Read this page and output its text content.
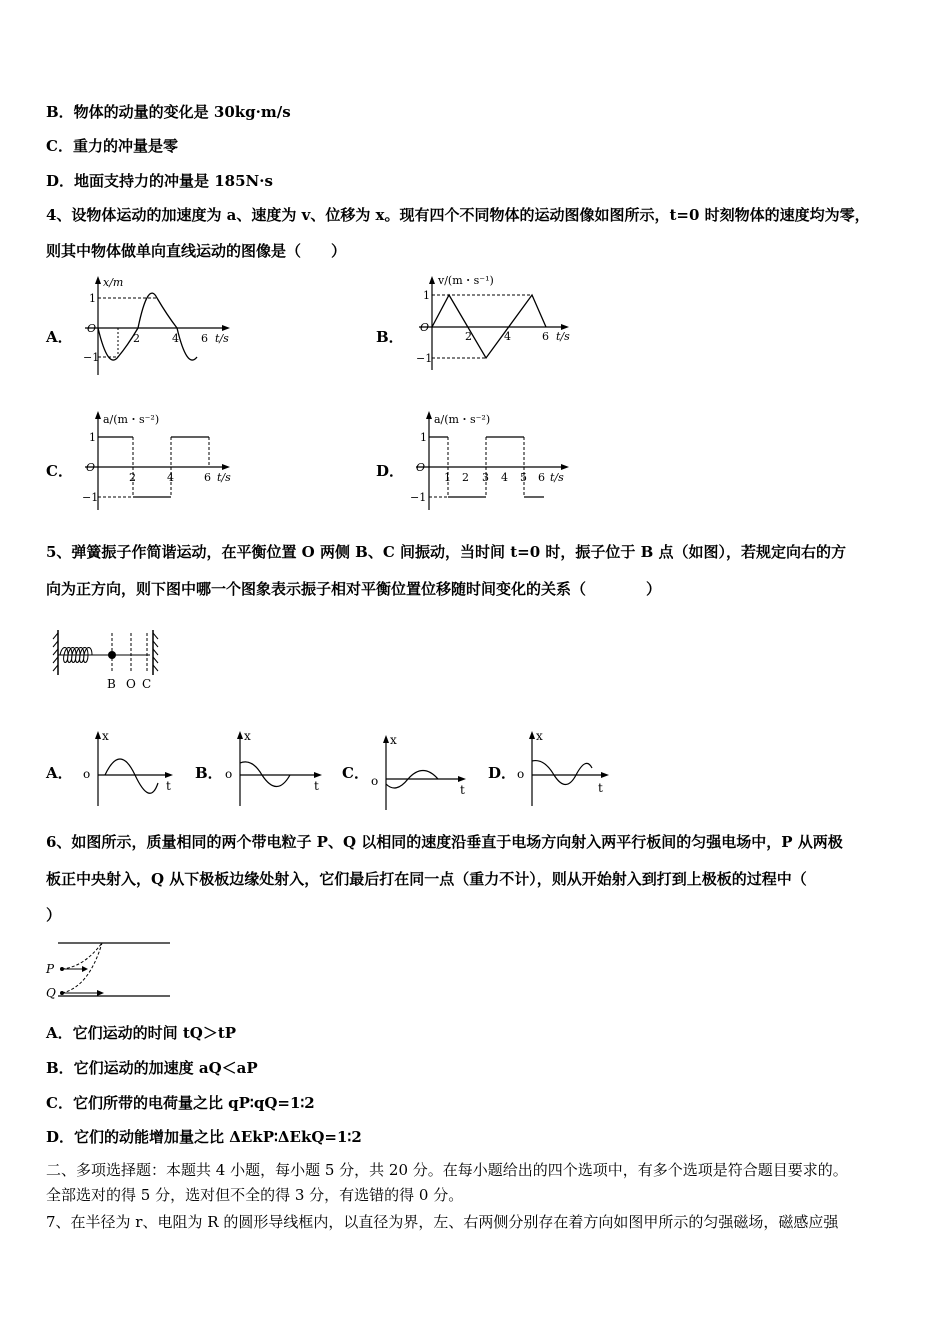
B．物体的动量的变化是 30kg·m/s
C．重力的冲量是零
D．地面支持力的冲量是 185N·s
4、设物体运动的加速度为 a、速度为 v、位移为 x。现有四个不同物体的运动图像如图所示，t=0 时刻物体的速度均为零，
则其中物体做单向直线运动的图像是（　　）
A．	B．
C．	D．
x/m
O
1
−1
2	4 6 t/s
v/(m・s⁻¹)
O
1
−1
2	4	6 t/s
a/(m・s⁻²)
O
1
−1
2	4	6 t/s
a/(m・s⁻²)
O
1
−1
1 2 3 4 5 6 t/s
5、弹簧振子作简谐运动，在平衡位置 O 两侧 B、C 间振动，当时间 t=0 时，振子位于 B 点（如图），若规定向右的方
向为正方向，则下图中哪一个图象表示振子相对平衡位置位移随时间变化的关系（　　　　）
B O C
A．	B．	C．	D．
x
o
t
x
o
t
x
o
t
x
o
t
6、如图所示，质量相同的两个带电粒子 P、Q 以相同的速度沿垂直于电场方向射入两平行板间的匀强电场中，P 从两极
板正中央射入，Q 从下极板边缘处射入，它们最后打在同一点（重力不计），则从开始射入到打到上极板的过程中（
）
P
Q
A．它们运动的时间 tQ＞tP
B．它们运动的加速度 aQ＜aP
C．它们所带的电荷量之比 qP∶qQ=1∶2
D．它们的动能增加量之比 ΔEkP∶ΔEkQ=1∶2
二、多项选择题：本题共 4 小题，每小题 5 分，共 20 分。在每小题给出的四个选项中，有多个选项是符合题目要求的。
全部选对的得 5 分，选对但不全的得 3 分，有选错的得 0 分。
7、在半径为 r、电阻为 R 的圆形导线框内，以直径为界，左、右两侧分别存在着方向如图甲所示的匀强磁场，磁感应强
